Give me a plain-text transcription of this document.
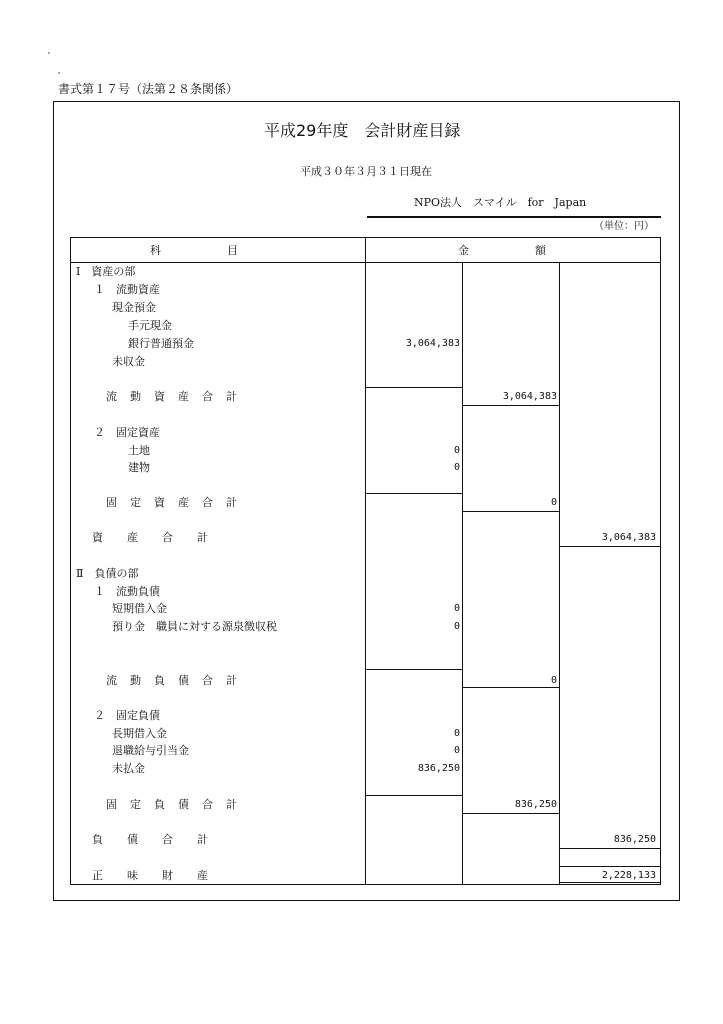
書式第１７号（法第２８条関係）
平成29年度　会計財産目録
平成３０年３月３１日現在
NPO法人　スマイル　for　Japan
（単位：円）
科　　　　　　目	金　　　　　　額
Ⅰ　資産の部
１　流動資産
現金預金
手元現金
銀行普通預金	3,064,383
未収金
流動資産合計	3,064,383
２　固定資産
土地	0
建物	0
固定資産合計	0
資産合計	3,064,383
Ⅱ　負債の部
１　流動負債
短期借入金	0
預り金　職員に対する源泉徴収税	0
流動負債合計	0
２　固定負債
長期借入金	0
退職給与引当金	0
未払金	836,250
固定負債合計	836,250
負債合計	836,250
正味財産	2,228,133
